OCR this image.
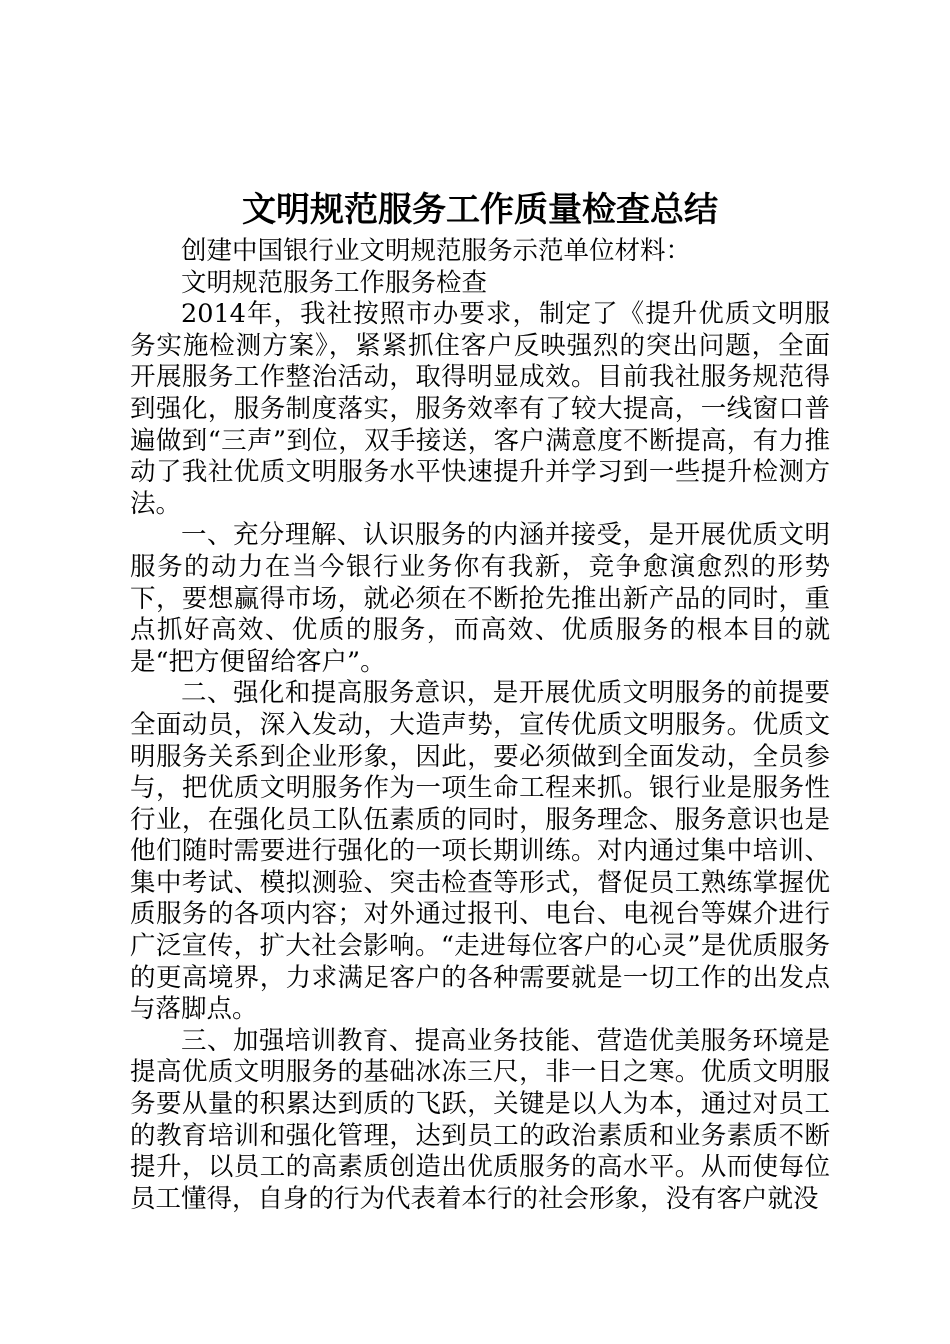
文明规范服务工作质量检查总结

创建中国银行业文明规范服务示范单位材料：

文明规范服务工作服务检查

2014年，我社按照市办要求，制定了《提升优质文明服务实施检测方案》，紧紧抓住客户反映强烈的突出问题，全面开展服务工作整治活动，取得明显成效。目前我社服务规范得到强化，服务制度落实，服务效率有了较大提高，一线窗口普遍做到“三声”到位，双手接送，客户满意度不断提高，有力推动了我社优质文明服务水平快速提升并学习到一些提升检测方法。

一、充分理解、认识服务的内涵并接受，是开展优质文明服务的动力在当今银行业务你有我新，竞争愈演愈烈的形势下，要想赢得市场，就必须在不断抢先推出新产品的同时，重点抓好高效、优质的服务，而高效、优质服务的根本目的就是“把方便留给客户”。

二、强化和提高服务意识，是开展优质文明服务的前提要全面动员，深入发动，大造声势，宣传优质文明服务。优质文明服务关系到企业形象，因此，要必须做到全面发动，全员参与，把优质文明服务作为一项生命工程来抓。银行业是服务性行业，在强化员工队伍素质的同时，服务理念、服务意识也是他们随时需要进行强化的一项长期训练。对内通过集中培训、集中考试、模拟测验、突击检查等形式，督促员工熟练掌握优质服务的各项内容；对外通过报刊、电台、电视台等媒介进行广泛宣传，扩大社会影响。“走进每位客户的心灵”是优质服务的更高境界，力求满足客户的各种需要就是一切工作的出发点与落脚点。

三、加强培训教育、提高业务技能、营造优美服务环境是提高优质文明服务的基础冰冻三尺，非一日之寒。优质文明服务要从量的积累达到质的飞跃，关键是以人为本，通过对员工的教育培训和强化管理，达到员工的政治素质和业务素质不断提升，以员工的高素质创造出优质服务的高水平。从而使每位员工懂得，自身的行为代表着本行的社会形象，没有客户就没
